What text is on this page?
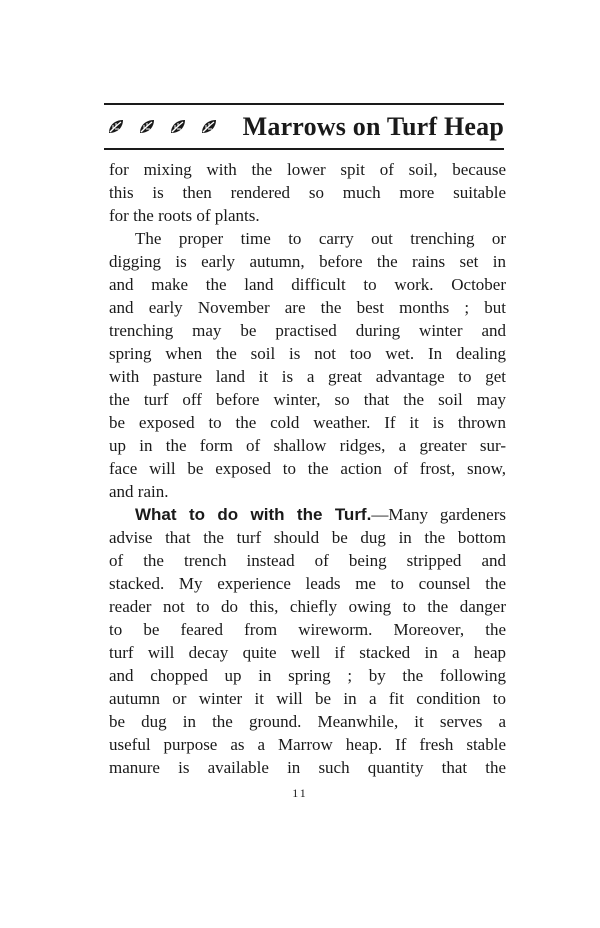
Marrows on Turf Heap
for mixing with the lower spit of soil, because
this is then rendered so much more suitable
for the roots of plants.
The proper time to carry out trenching or
digging is early autumn, before the rains set in
and make the land difficult to work. October
and early November are the best months ; but
trenching may be practised during winter and
spring when the soil is not too wet. In dealing
with pasture land it is a great advantage to get
the turf off before winter, so that the soil may
be exposed to the cold weather. If it is thrown
up in the form of shallow ridges, a greater sur-
face will be exposed to the action of frost, snow,
and rain.
What to do with the Turf.—Many gardeners
advise that the turf should be dug in the bottom
of the trench instead of being stripped and
stacked. My experience leads me to counsel the
reader not to do this, chiefly owing to the danger
to be feared from wireworm. Moreover, the
turf will decay quite well if stacked in a heap
and chopped up in spring ; by the following
autumn or winter it will be in a fit condition to
be dug in the ground. Meanwhile, it serves a
useful purpose as a Marrow heap. If fresh stable
manure is available in such quantity that the
11
